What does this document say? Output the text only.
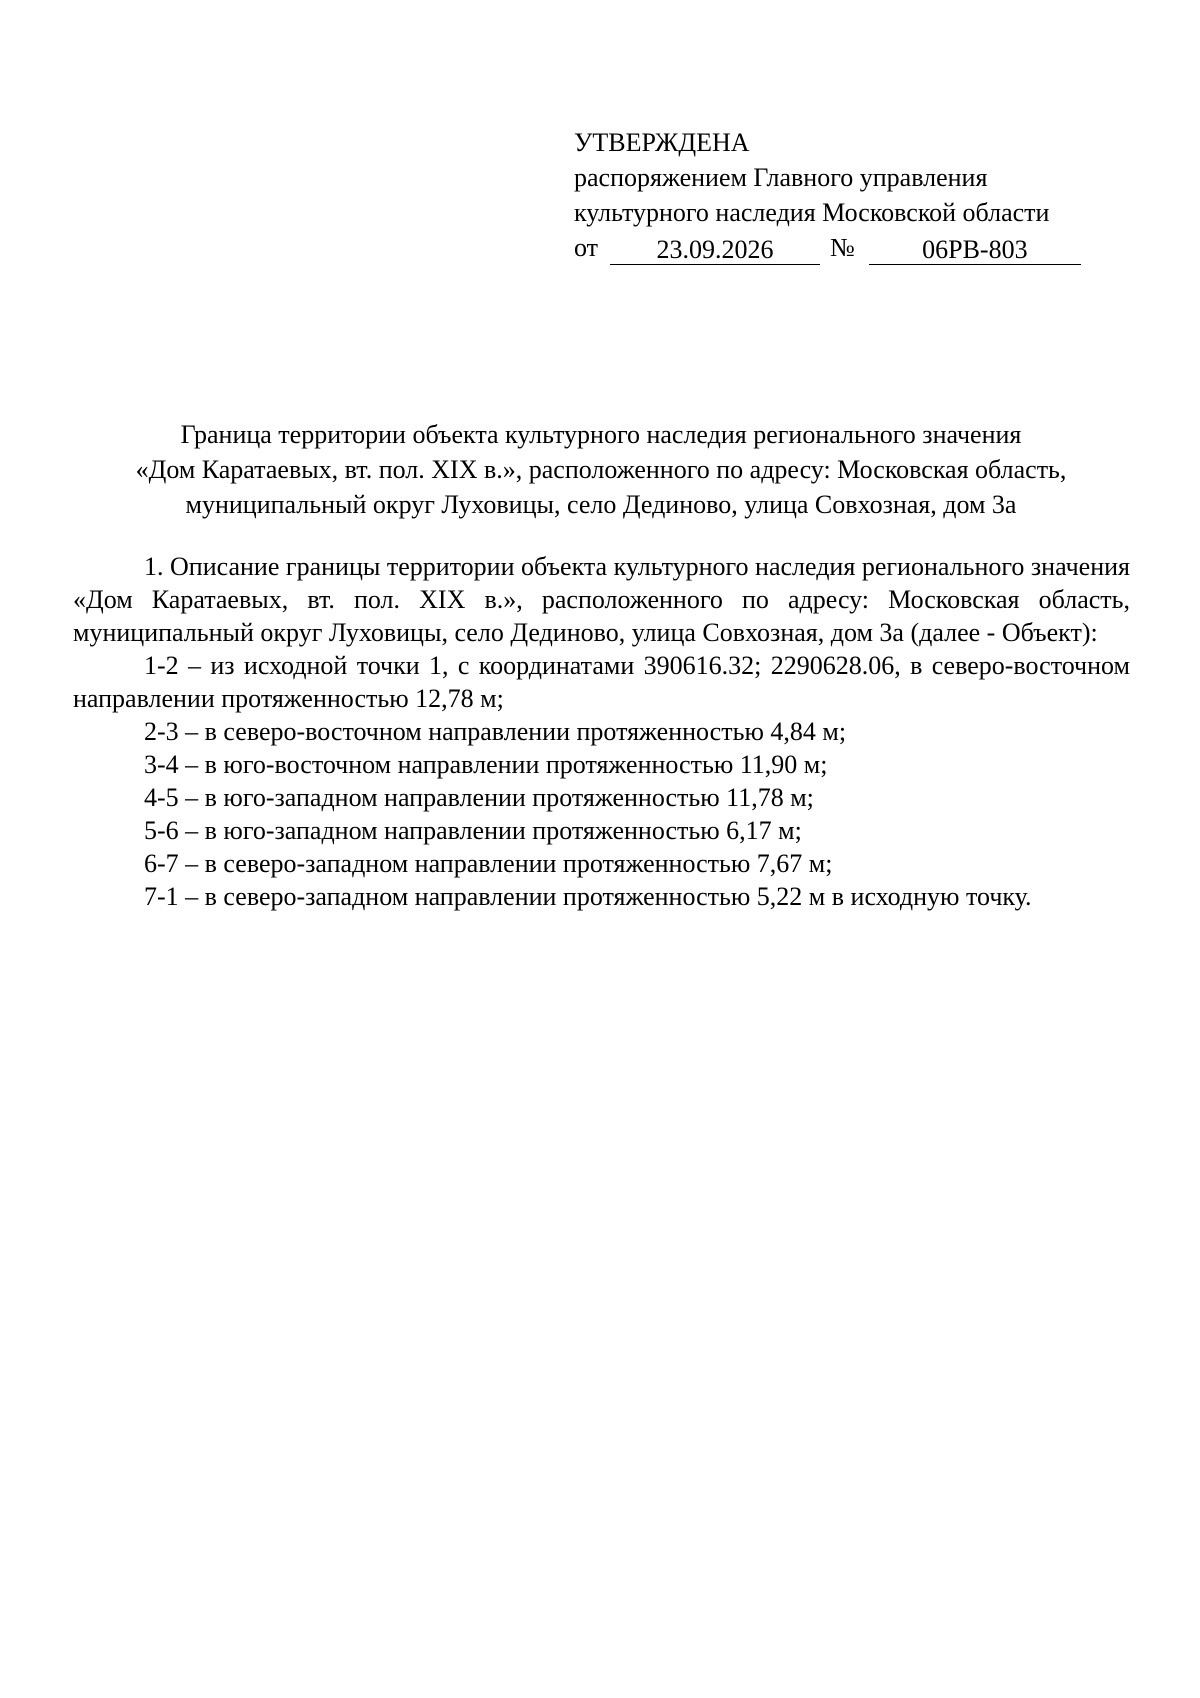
УТВЕРЖДЕНА
распоряжением Главного управления
культурного наследия Московской области
от	23.09.2026	№	06РВ-803
Граница территории объекта культурного наследия регионального значения
«Дом Каратаевых, вт. пол. XIX в.», расположенного по адресу: Московская область,
муниципальный округ Луховицы, село Дединово, улица Совхозная, дом 3а

1. Описание границы территории объекта культурного наследия регионального значения «Дом Каратаевых, вт. пол. XIX в.», расположенного по адресу: Московская область, муниципальный округ Луховицы, село Дединово, улица Совхозная, дом 3а (далее - Объект):

1-2 – из исходной точки 1, с координатами 390616.32; 2290628.06, в северо-восточном направлении протяженностью 12,78 м;

2-3 – в северо-восточном направлении протяженностью 4,84 м;

3-4 – в юго-восточном направлении протяженностью 11,90 м;

4-5 – в юго-западном направлении протяженностью 11,78 м;

5-6 – в юго-западном направлении протяженностью 6,17 м;

6-7 – в северо-западном направлении протяженностью 7,67 м;

7-1 – в северо-западном направлении протяженностью 5,22 м в исходную точку.
